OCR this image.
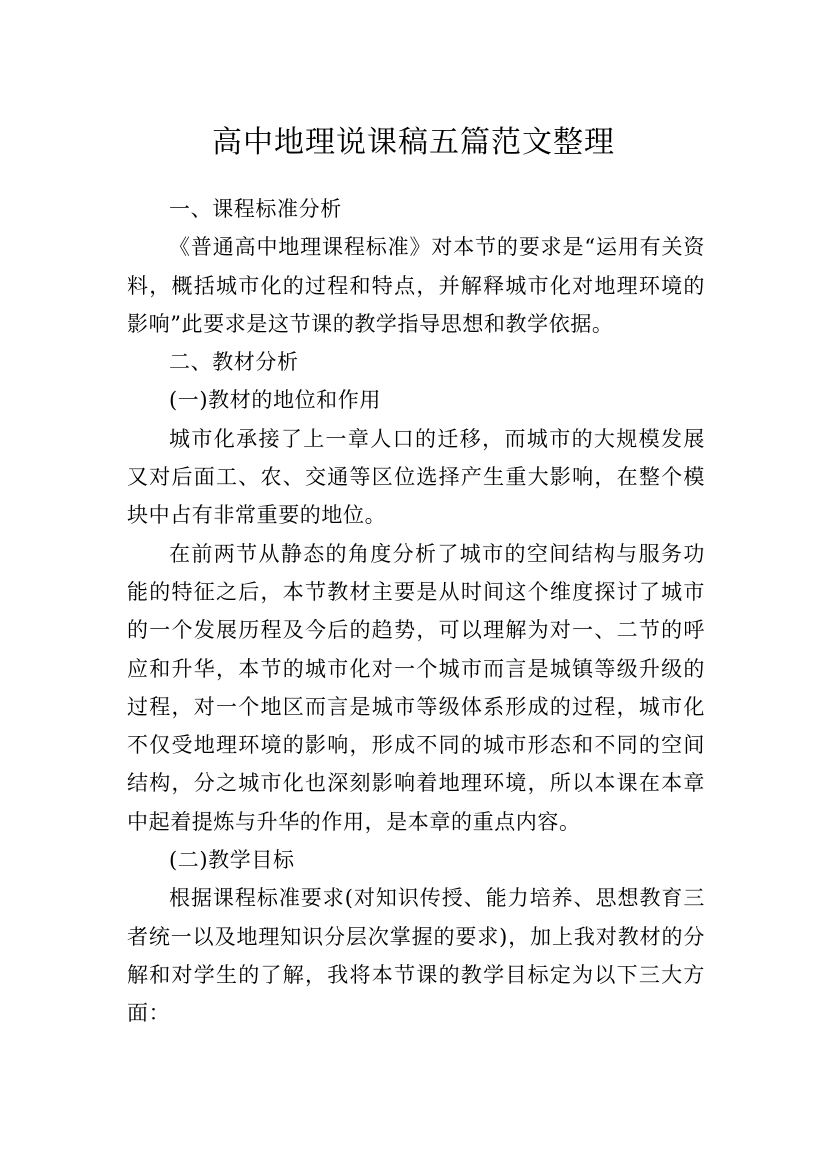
高中地理说课稿五篇范文整理

一、课程标准分析

《普通高中地理课程标准》对本节的要求是“运用有关资料，概括城市化的过程和特点，并解释城市化对地理环境的影响”此要求是这节课的教学指导思想和教学依据。

二、教材分析

(一)教材的地位和作用

城市化承接了上一章人口的迁移，而城市的大规模发展又对后面工、农、交通等区位选择产生重大影响，在整个模块中占有非常重要的地位。

在前两节从静态的角度分析了城市的空间结构与服务功能的特征之后，本节教材主要是从时间这个维度探讨了城市的一个发展历程及今后的趋势，可以理解为对一、二节的呼应和升华，本节的城市化对一个城市而言是城镇等级升级的过程，对一个地区而言是城市等级体系形成的过程，城市化不仅受地理环境的影响，形成不同的城市形态和不同的空间结构，分之城市化也深刻影响着地理环境，所以本课在本章中起着提炼与升华的作用，是本章的重点内容。

(二)教学目标

根据课程标准要求(对知识传授、能力培养、思想教育三者统一以及地理知识分层次掌握的要求)，加上我对教材的分解和对学生的了解，我将本节课的教学目标定为以下三大方面：
